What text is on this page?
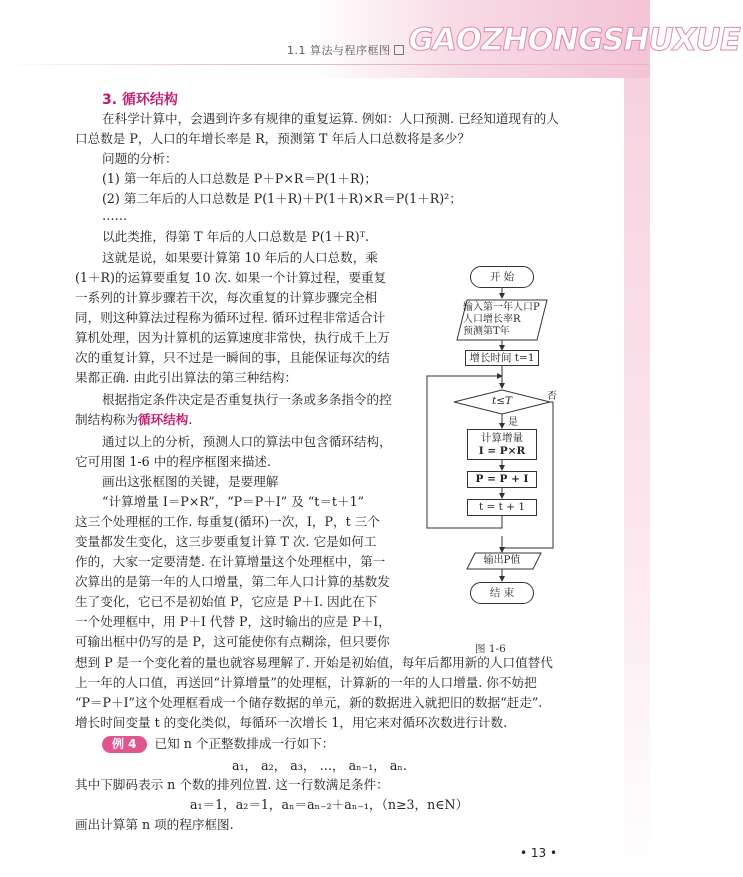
1.1 算法与程序框图 GAOZHONGSHUXUE
3. 循环结构
在科学计算中，会遇到许多有规律的重复运算. 例如：人口预测. 已经知道现有的人
口总数是 P，人口的年增长率是 R，预测第 T 年后人口总数将是多少？
问题的分析：
(1) 第一年后的人口总数是 P＋P×R＝P(1＋R)；
(2) 第二年后的人口总数是 P(1＋R)＋P(1＋R)×R＝P(1＋R)²；
……
以此类推，得第 T 年后的人口总数是 P(1＋R)ᵀ.
这就是说，如果要计算第 10 年后的人口总数，乘
(1＋R)的运算要重复 10 次. 如果一个计算过程，要重复
一系列的计算步骤若干次，每次重复的计算步骤完全相
同，则这种算法过程称为循环过程. 循环过程非常适合计
算机处理，因为计算机的运算速度非常快，执行成千上万
次的重复计算，只不过是一瞬间的事，且能保证每次的结
果都正确. 由此引出算法的第三种结构：
根据指定条件决定是否重复执行一条或多条指令的控
制结构称为循环结构.
通过以上的分析，预测人口的算法中包含循环结构，
它可用图 1-6 中的程序框图来描述.
画出这张框图的关键，是要理解
“计算增量 I＝P×R”，“P＝P＋I” 及 “t＝t＋1”
这三个处理框的工作. 每重复(循环)一次，I，P，t 三个
变量都发生变化，这三步要重复计算 T 次. 它是如何工
作的，大家一定要清楚. 在计算增量这个处理框中，第一
次算出的是第一年的人口增量，第二年人口计算的基数发
生了变化，它已不是初始值 P，它应是 P＋I. 因此在下
一个处理框中，用 P＋I 代替 P，这时输出的应是 P＋I，
可输出框中仍写的是 P，这可能使你有点糊涂，但只要你
想到 P 是一个变化着的量也就容易理解了. 开始是初始值，每年后都用新的人口值替代
上一年的人口值，再送回“计算增量”的处理框，计算新的一年的人口增量. 你不妨把
“P＝P＋I”这个处理框看成一个储存数据的单元，新的数据进入就把旧的数据“赶走”.
增长时间变量 t 的变化类似，每循环一次增长 1，用它来对循环次数进行计数.
例 4 已知 n 个正整数排成一行如下：
a₁， a₂， a₃， …， aₙ₋₁， aₙ.
其中下脚码表示 n 个数的排列位置. 这一行数满足条件：
a₁＝1，a₂＝1，aₙ＝aₙ₋₂＋aₙ₋₁，（n≥3，n∈N）
画出计算第 n 项的程序框图.
开 始
输入第一年人口P
人口增长率R
预测第T年
增长时间 t=1
t≤T
是
否
计算增量
I = P×R
P = P + I
t = t + 1
输出P值
结 束
图 1-6
• 13 •
